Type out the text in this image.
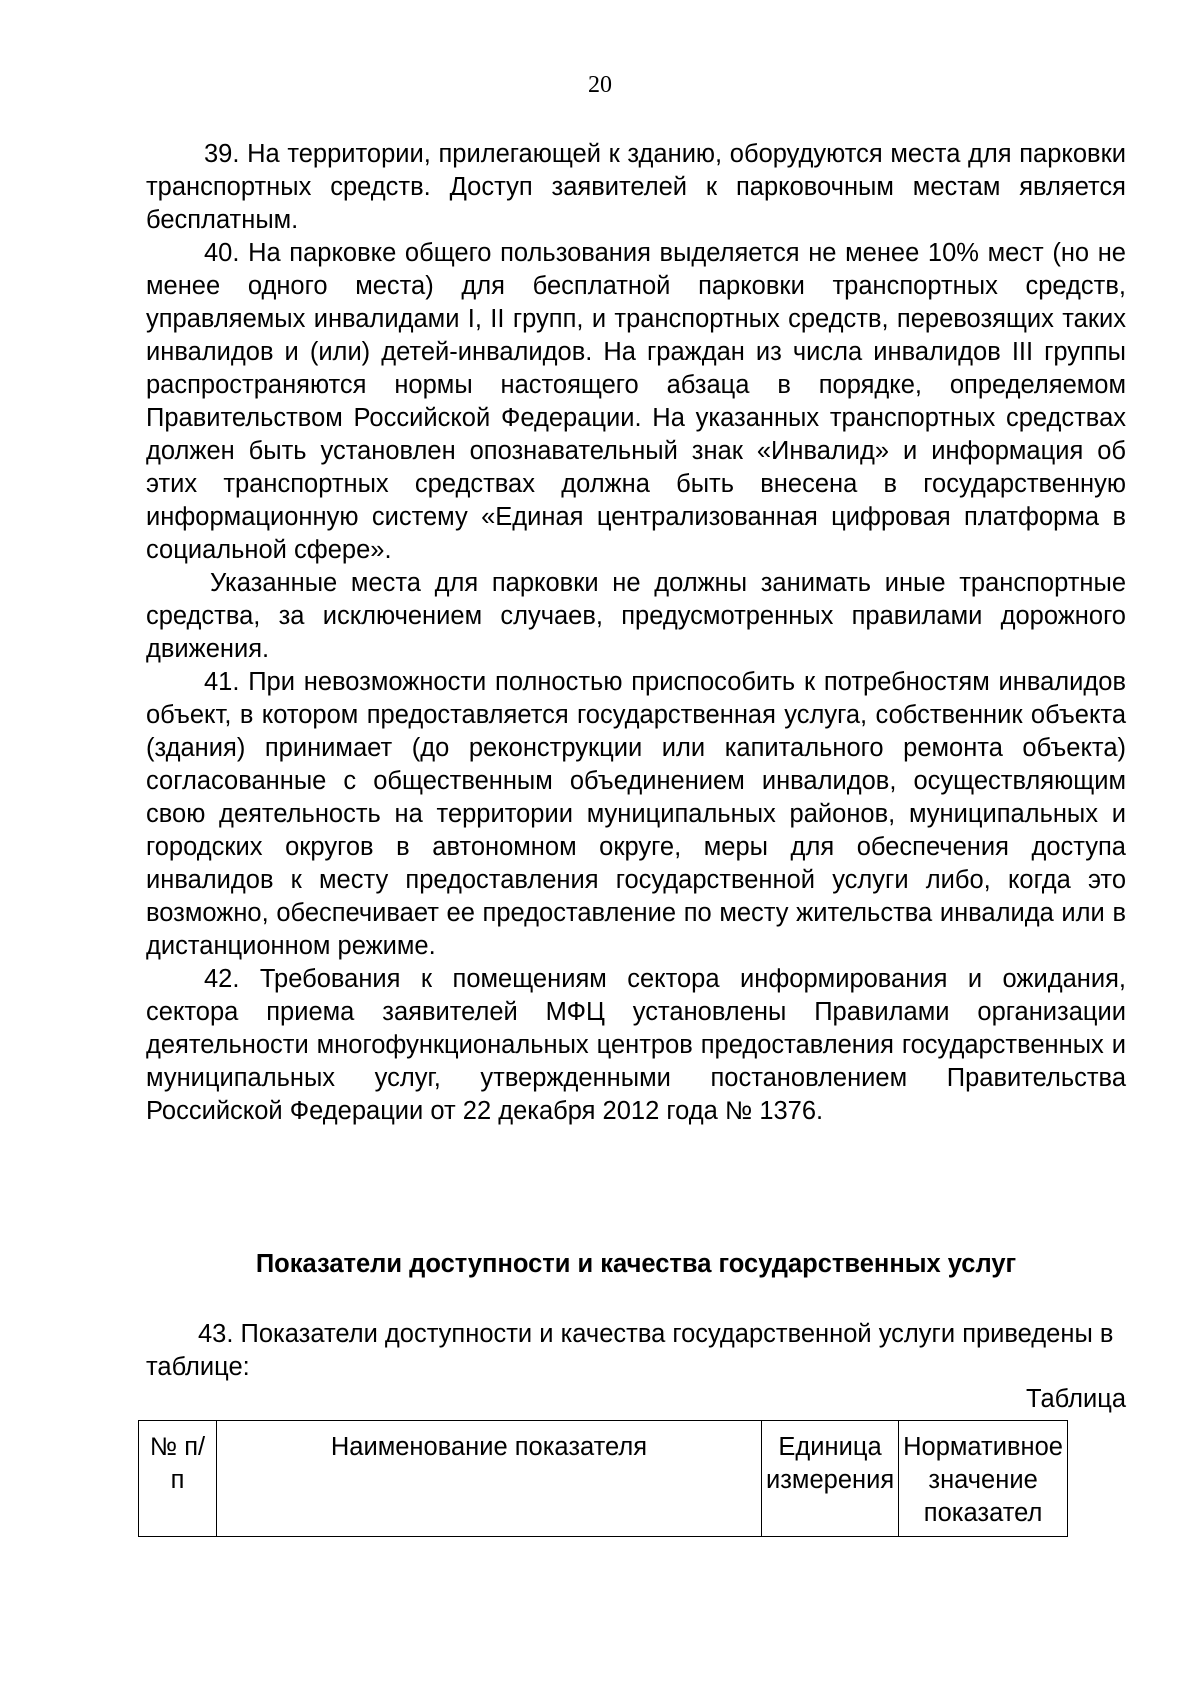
20

39. На территории, прилегающей к зданию, оборудуются места для парковки транспортных средств. Доступ заявителей к парковочным местам является бесплатным.

40. На парковке общего пользования выделяется не менее 10% мест (но не менее одного места) для бесплатной парковки транспортных средств, управляемых инвалидами I, II групп, и транспортных средств, перевозящих таких инвалидов и (или) детей-инвалидов. На граждан из числа инвалидов III группы распространяются нормы настоящего абзаца в порядке, определяемом Правительством Российской Федерации. На указанных транспортных средствах должен быть установлен опознавательный знак «Инвалид» и информация об этих транспортных средствах должна быть внесена в государственную информационную систему «Единая централизованная цифровая платформа в социальной сфере».

Указанные места для парковки не должны занимать иные транспортные средства, за исключением случаев, предусмотренных правилами дорожного движения.

41. При невозможности полностью приспособить к потребностям инвалидов объект, в котором предоставляется государственная услуга, собственник объекта (здания) принимает (до реконструкции или капитального ремонта объекта) согласованные с общественным объединением инвалидов, осуществляющим свою деятельность на территории муниципальных районов, муниципальных и городских округов в автономном округе, меры для обеспечения доступа инвалидов к месту предоставления государственной услуги либо, когда это возможно, обеспечивает ее предоставление по месту жительства инвалида или в дистанционном режиме.

42. Требования к помещениям сектора информирования и ожидания, сектора приема заявителей МФЦ установлены Правилами организации деятельности многофункциональных центров предоставления государственных и муниципальных услуг, утвержденными постановлением Правительства Российской Федерации от 22 декабря 2012 года № 1376.

Показатели доступности и качества государственных услуг

43. Показатели доступности и качества государственной услуги приведены в таблице:

Таблица
№ п/п	Наименование показателя	Единица измерения	Нормативное значение показател
